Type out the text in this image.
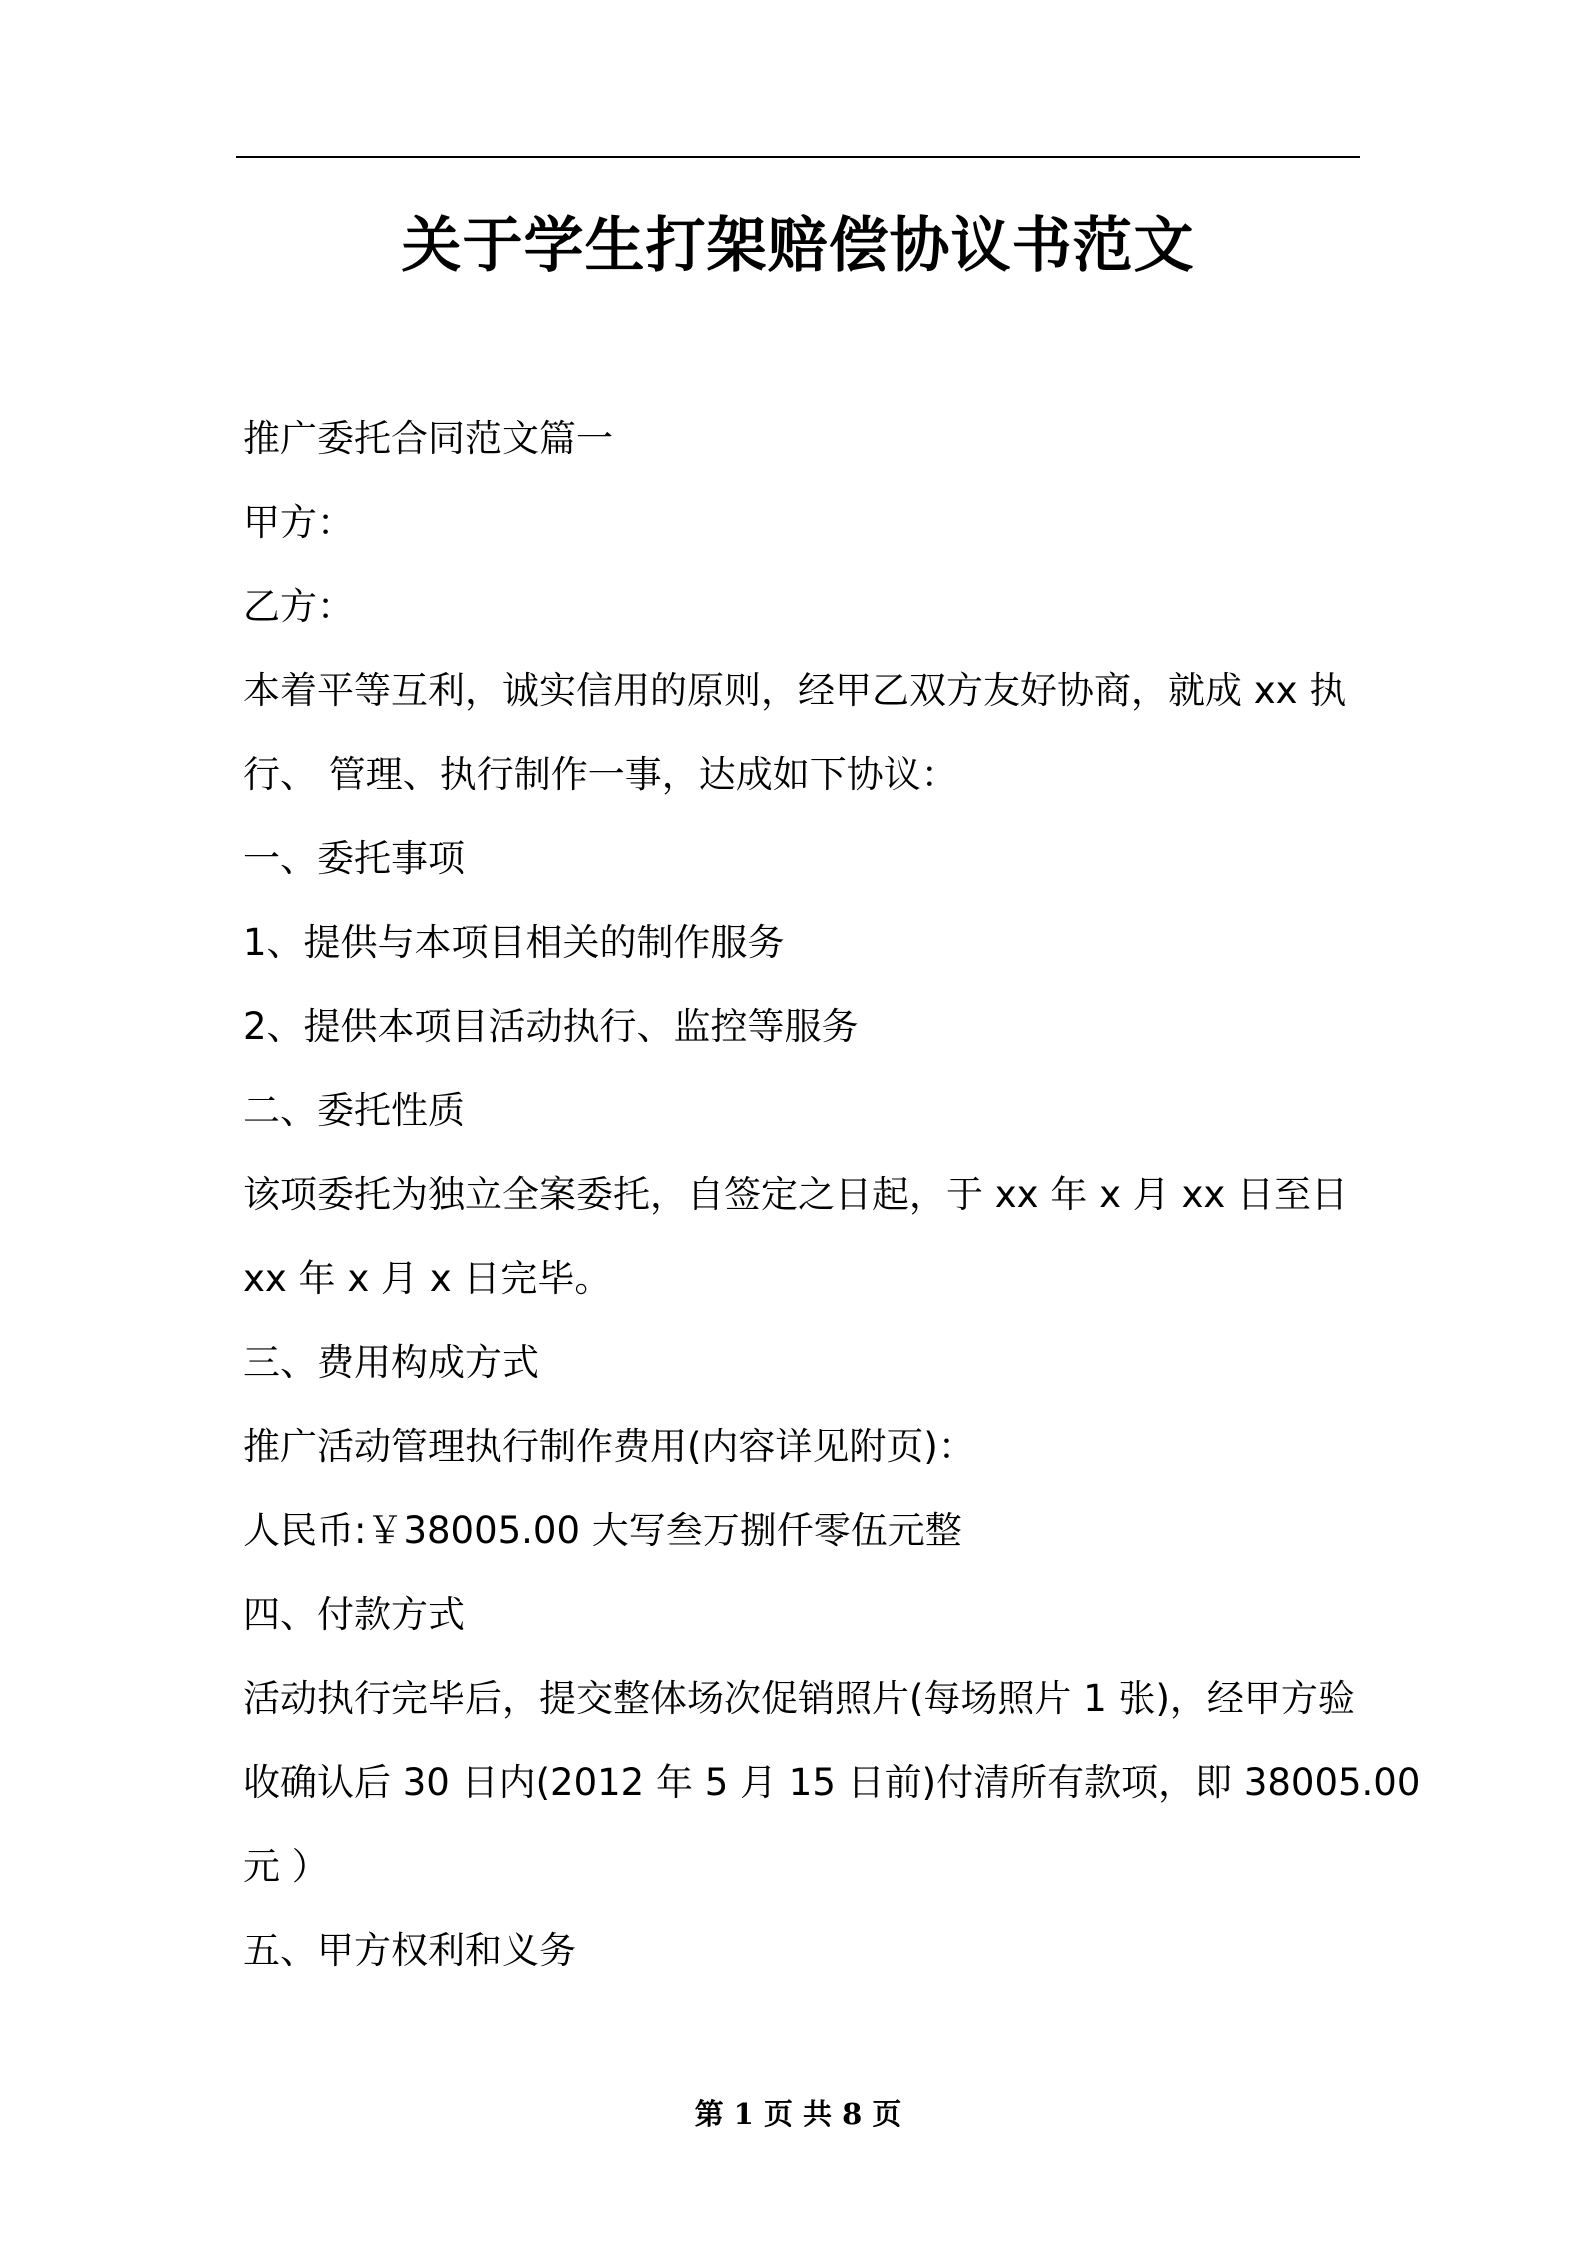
关于学生打架赔偿协议书范文
推广委托合同范文篇一
甲方：
乙方：
本着平等互利，诚实信用的原则，经甲乙双方友好协商，就成 xx 执
行、 管理、执行制作一事，达成如下协议：
一、委托事项
1、提供与本项目相关的制作服务
2、提供本项目活动执行、监控等服务
二、委托性质
该项委托为独立全案委托，自签定之日起，于 xx 年 x 月 xx 日至日
xx 年 x 月 x 日完毕。
三、费用构成方式
推广活动管理执行制作费用(内容详见附页)：
人民币:￥38005.00 大写叁万捌仟零伍元整
四、付款方式
活动执行完毕后，提交整体场次促销照片(每场照片 1 张)，经甲方验
收确认后 30 日内(2012 年 5 月 15 日前)付清所有款项，即 38005.00
元 ）
五、甲方权利和义务
第 1 页 共 8 页
